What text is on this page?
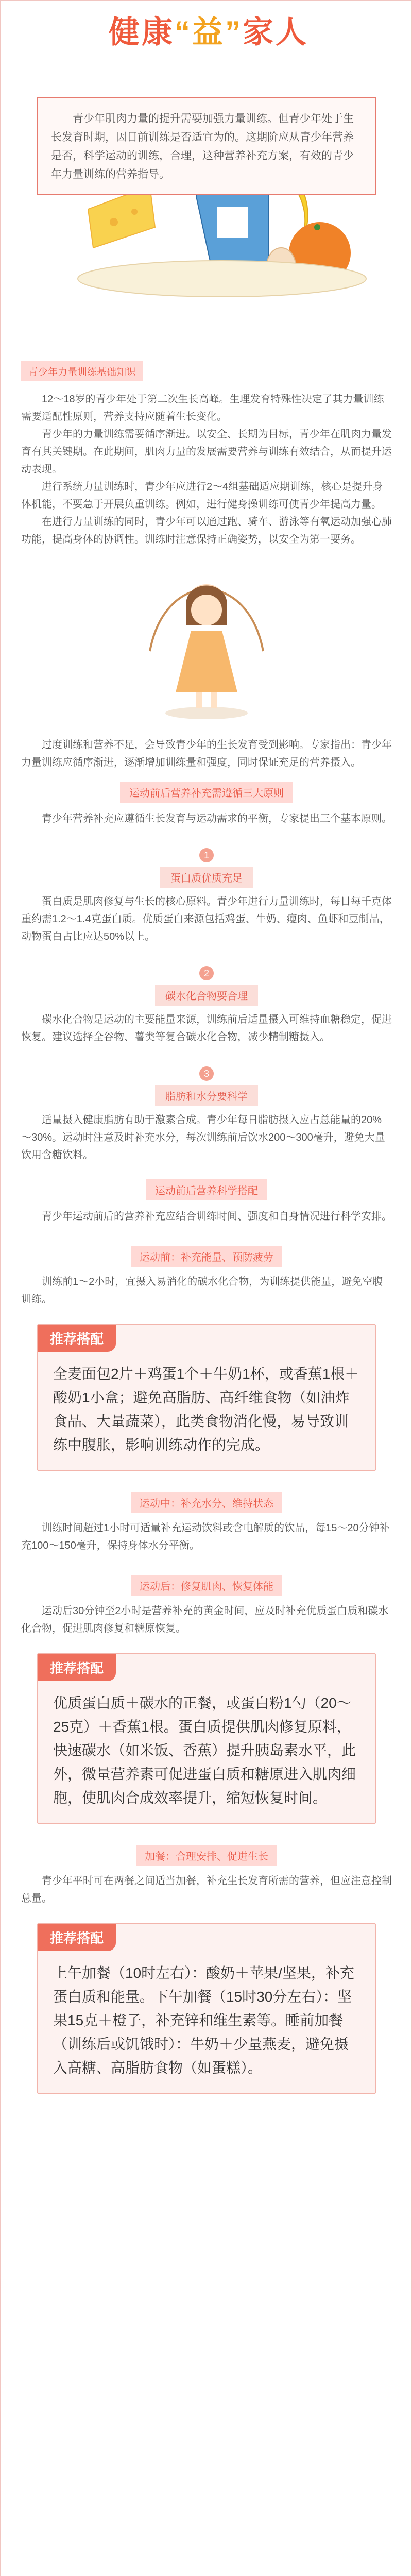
健康“益”家人
青少年肌肉力量的提升需要加强力量训练。但青少年处于生长发育时期，因目前训练是否适宜为的。这期阶应从青少年营养是否，科学运动的训练，合理，这种营养补充方案，有效的青少年力量训练的营养指导。
青少年力量训练基础知识

12～18岁的青少年处于第二次生长高峰。生理发育特殊性决定了其力量训练需要适配性原则，营养支持应随着生长变化。

青少年的力量训练需要循序渐进。以安全、长期为目标，青少年在肌肉力量发育有其关键期。在此期间，肌肉力量的发展需要营养与训练有效结合，从而提升运动表现。

进行系统力量训练时，青少年应进行2～4组基础适应期训练，核心是提升身体机能，不要急于开展负重训练。例如，进行健身操训练可使青少年提高力量。

在进行力量训练的同时，青少年可以通过跑、骑车、游泳等有氧运动加强心肺功能，提高身体的协调性。训练时注意保持正确姿势，以安全为第一要务。

过度训练和营养不足，会导致青少年的生长发育受到影响。专家指出：青少年力量训练应循序渐进，逐渐增加训练量和强度，同时保证充足的营养摄入。

运动前后营养补充需遵循三大原则

青少年营养补充应遵循生长发育与运动需求的平衡，专家提出三个基本原则。

1
蛋白质优质充足

蛋白质是肌肉修复与生长的核心原料。青少年进行力量训练时，每日每千克体重约需1.2～1.4克蛋白质。优质蛋白来源包括鸡蛋、牛奶、瘦肉、鱼虾和豆制品，动物蛋白占比应达50%以上。

2
碳水化合物要合理

碳水化合物是运动的主要能量来源，训练前后适量摄入可维持血糖稳定，促进恢复。建议选择全谷物、薯类等复合碳水化合物，减少精制糖摄入。

3
脂肪和水分要科学

适量摄入健康脂肪有助于激素合成。青少年每日脂肪摄入应占总能量的20%～30%。运动时注意及时补充水分，每次训练前后饮水200～300毫升，避免大量饮用含糖饮料。

运动前后营养科学搭配

青少年运动前后的营养补充应结合训练时间、强度和自身情况进行科学安排。

运动前：补充能量、预防疲劳

训练前1～2小时，宜摄入易消化的碳水化合物，为训练提供能量，避免空腹训练。

推荐搭配
全麦面包2片＋鸡蛋1个＋牛奶1杯，或香蕉1根＋酸奶1小盒；避免高脂肪、高纤维食物（如油炸食品、大量蔬菜），此类食物消化慢，易导致训练中腹胀，影响训练动作的完成。
运动中：补充水分、维持状态

训练时间超过1小时可适量补充运动饮料或含电解质的饮品，每15～20分钟补充100～150毫升，保持身体水分平衡。

运动后：修复肌肉、恢复体能

运动后30分钟至2小时是营养补充的黄金时间，应及时补充优质蛋白质和碳水化合物，促进肌肉修复和糖原恢复。

推荐搭配
优质蛋白质＋碳水的正餐，或蛋白粉1勺（20～25克）＋香蕉1根。蛋白质提供肌肉修复原料，快速碳水（如米饭、香蕉）提升胰岛素水平，此外，微量营养素可促进蛋白质和糖原进入肌肉细胞，使肌肉合成效率提升，缩短恢复时间。
加餐：合理安排、促进生长

青少年平时可在两餐之间适当加餐，补充生长发育所需的营养，但应注意控制总量。

推荐搭配
上午加餐（10时左右）：酸奶＋苹果/坚果，补充蛋白质和能量。下午加餐（15时30分左右）：坚果15克＋橙子，补充锌和维生素等。睡前加餐（训练后或饥饿时）：牛奶＋少量燕麦，避免摄入高糖、高脂肪食物（如蛋糕）。
